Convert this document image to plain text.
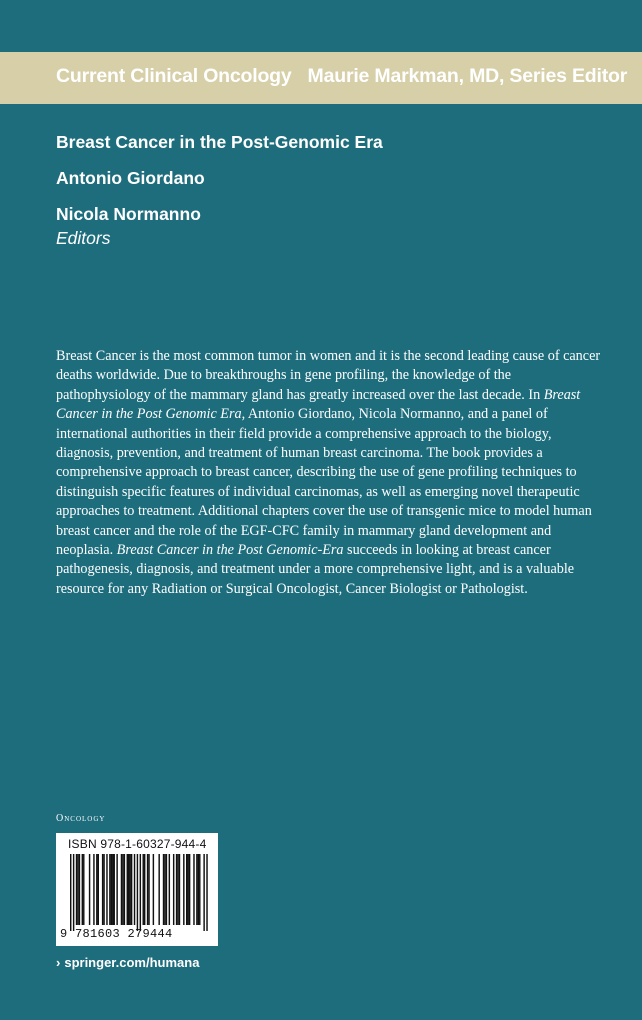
Current Clinical Oncology Maurie Markman, MD, Series Editor
Breast Cancer in the Post-Genomic Era
Antonio Giordano
Nicola Normanno
Editors

Breast Cancer is the most common tumor in women and it is the second leading cause of cancer deaths worldwide. Due to breakthroughs in gene profiling, the knowledge of the pathophysiology of the mammary gland has greatly increased over the last decade. In Breast Cancer in the Post Genomic Era, Antonio Giordano, Nicola Normanno, and a panel of international authorities in their field provide a comprehensive approach to the biology, diagnosis, prevention, and treatment of human breast carcinoma. The book provides a comprehensive approach to breast cancer, describing the use of gene profiling techniques to distinguish specific features of individual carcinomas, as well as emerging novel therapeutic approaches to treatment. Additional chapters cover the use of transgenic mice to model human breast cancer and the role of the EGF-CFC family in mammary gland development and neoplasia. Breast Cancer in the Post Genomic-Era succeeds in looking at breast cancer pathogenesis, diagnosis, and treatment under a more comprehensive light, and is a valuable resource for any Radiation or Surgical Oncologist, Cancer Biologist or Pathologist.

Oncology
ISBN 978-1-60327-944-4
9 781603 279444
› springer.com/humana
